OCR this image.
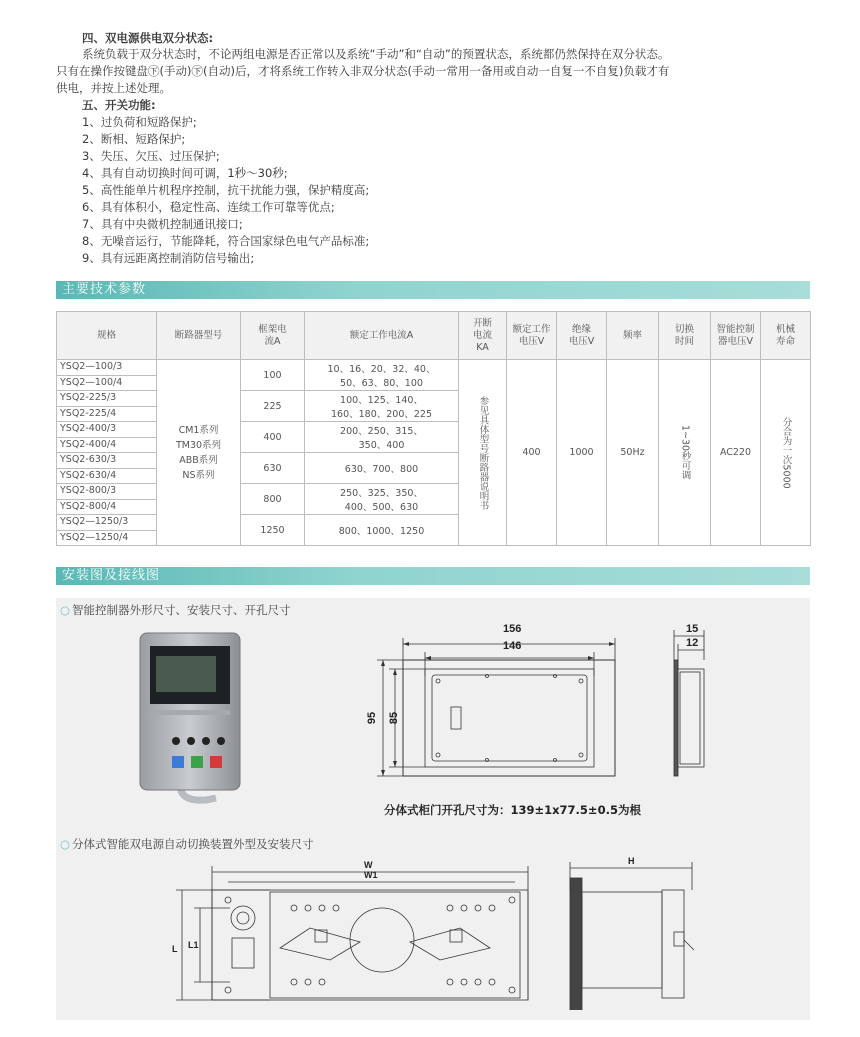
四、双电源供电双分状态:
系统负载于双分状态时，不论两组电源是否正常以及系统“手动”和“自动”的预置状态，系统都仍然保持在双分状态。
只有在操作按键盘㊦(手动)㊦(自动)后，才将系统工作转入非双分状态(手动一常用一备用或自动一自复一不自复)负载才有
供电，并按上述处理。
五、开关功能:
1、过负荷和短路保护;
2、断相、短路保护;
3、失压、欠压、过压保护;
4、具有自动切换时间可调，1秒～30秒;
5、高性能单片机程序控制，抗干扰能力强，保护精度高;
6、具有体积小，稳定性高、连续工作可靠等优点;
7、具有中央微机控制通讯接口;
8、无噪音运行，节能降耗，符合国家绿色电气产品标准;
9、具有远距离控制消防信号输出;
主要技术参数
规格	断路器型号	框架电流A	额定工作电流A	开断电流KA	额定工作电压V	绝缘电压V	频率	切换时间	智能控制器电压V	机械寿命

YSQ2—100/3	CM1系列
TM30系列
ABB系列
NS系列	100	10、16、20、32、40、50、63、80、100	参见具体型号断路器说明书	400	1000	50Hz	1~30秒可调	AC220	分合为一次5000

YSQ2—100/4										
YSQ2-225/3		225	100、125、140、160、180、200、225							

YSQ2-225/4										
YSQ2-400/3		400	200、250、315、350、400							

YSQ2-400/4										
YSQ2-630/3		630	630、700、800							

YSQ2-630/4										
YSQ2-800/3		800	250、325、350、400、500、630							

YSQ2-800/4										
YSQ2—1250/3		1250	800、1000、1250							

YSQ2—1250/4										
安装图及接线图
○ 智能控制器外形尺寸、安装尺寸、开孔尺寸
156
146
95 85
15
12
分体式柜门开孔尺寸为：139±1x77.5±0.5为根
○ 分体式智能双电源自动切换装置外型及安装尺寸
W
W1
L L1
H
